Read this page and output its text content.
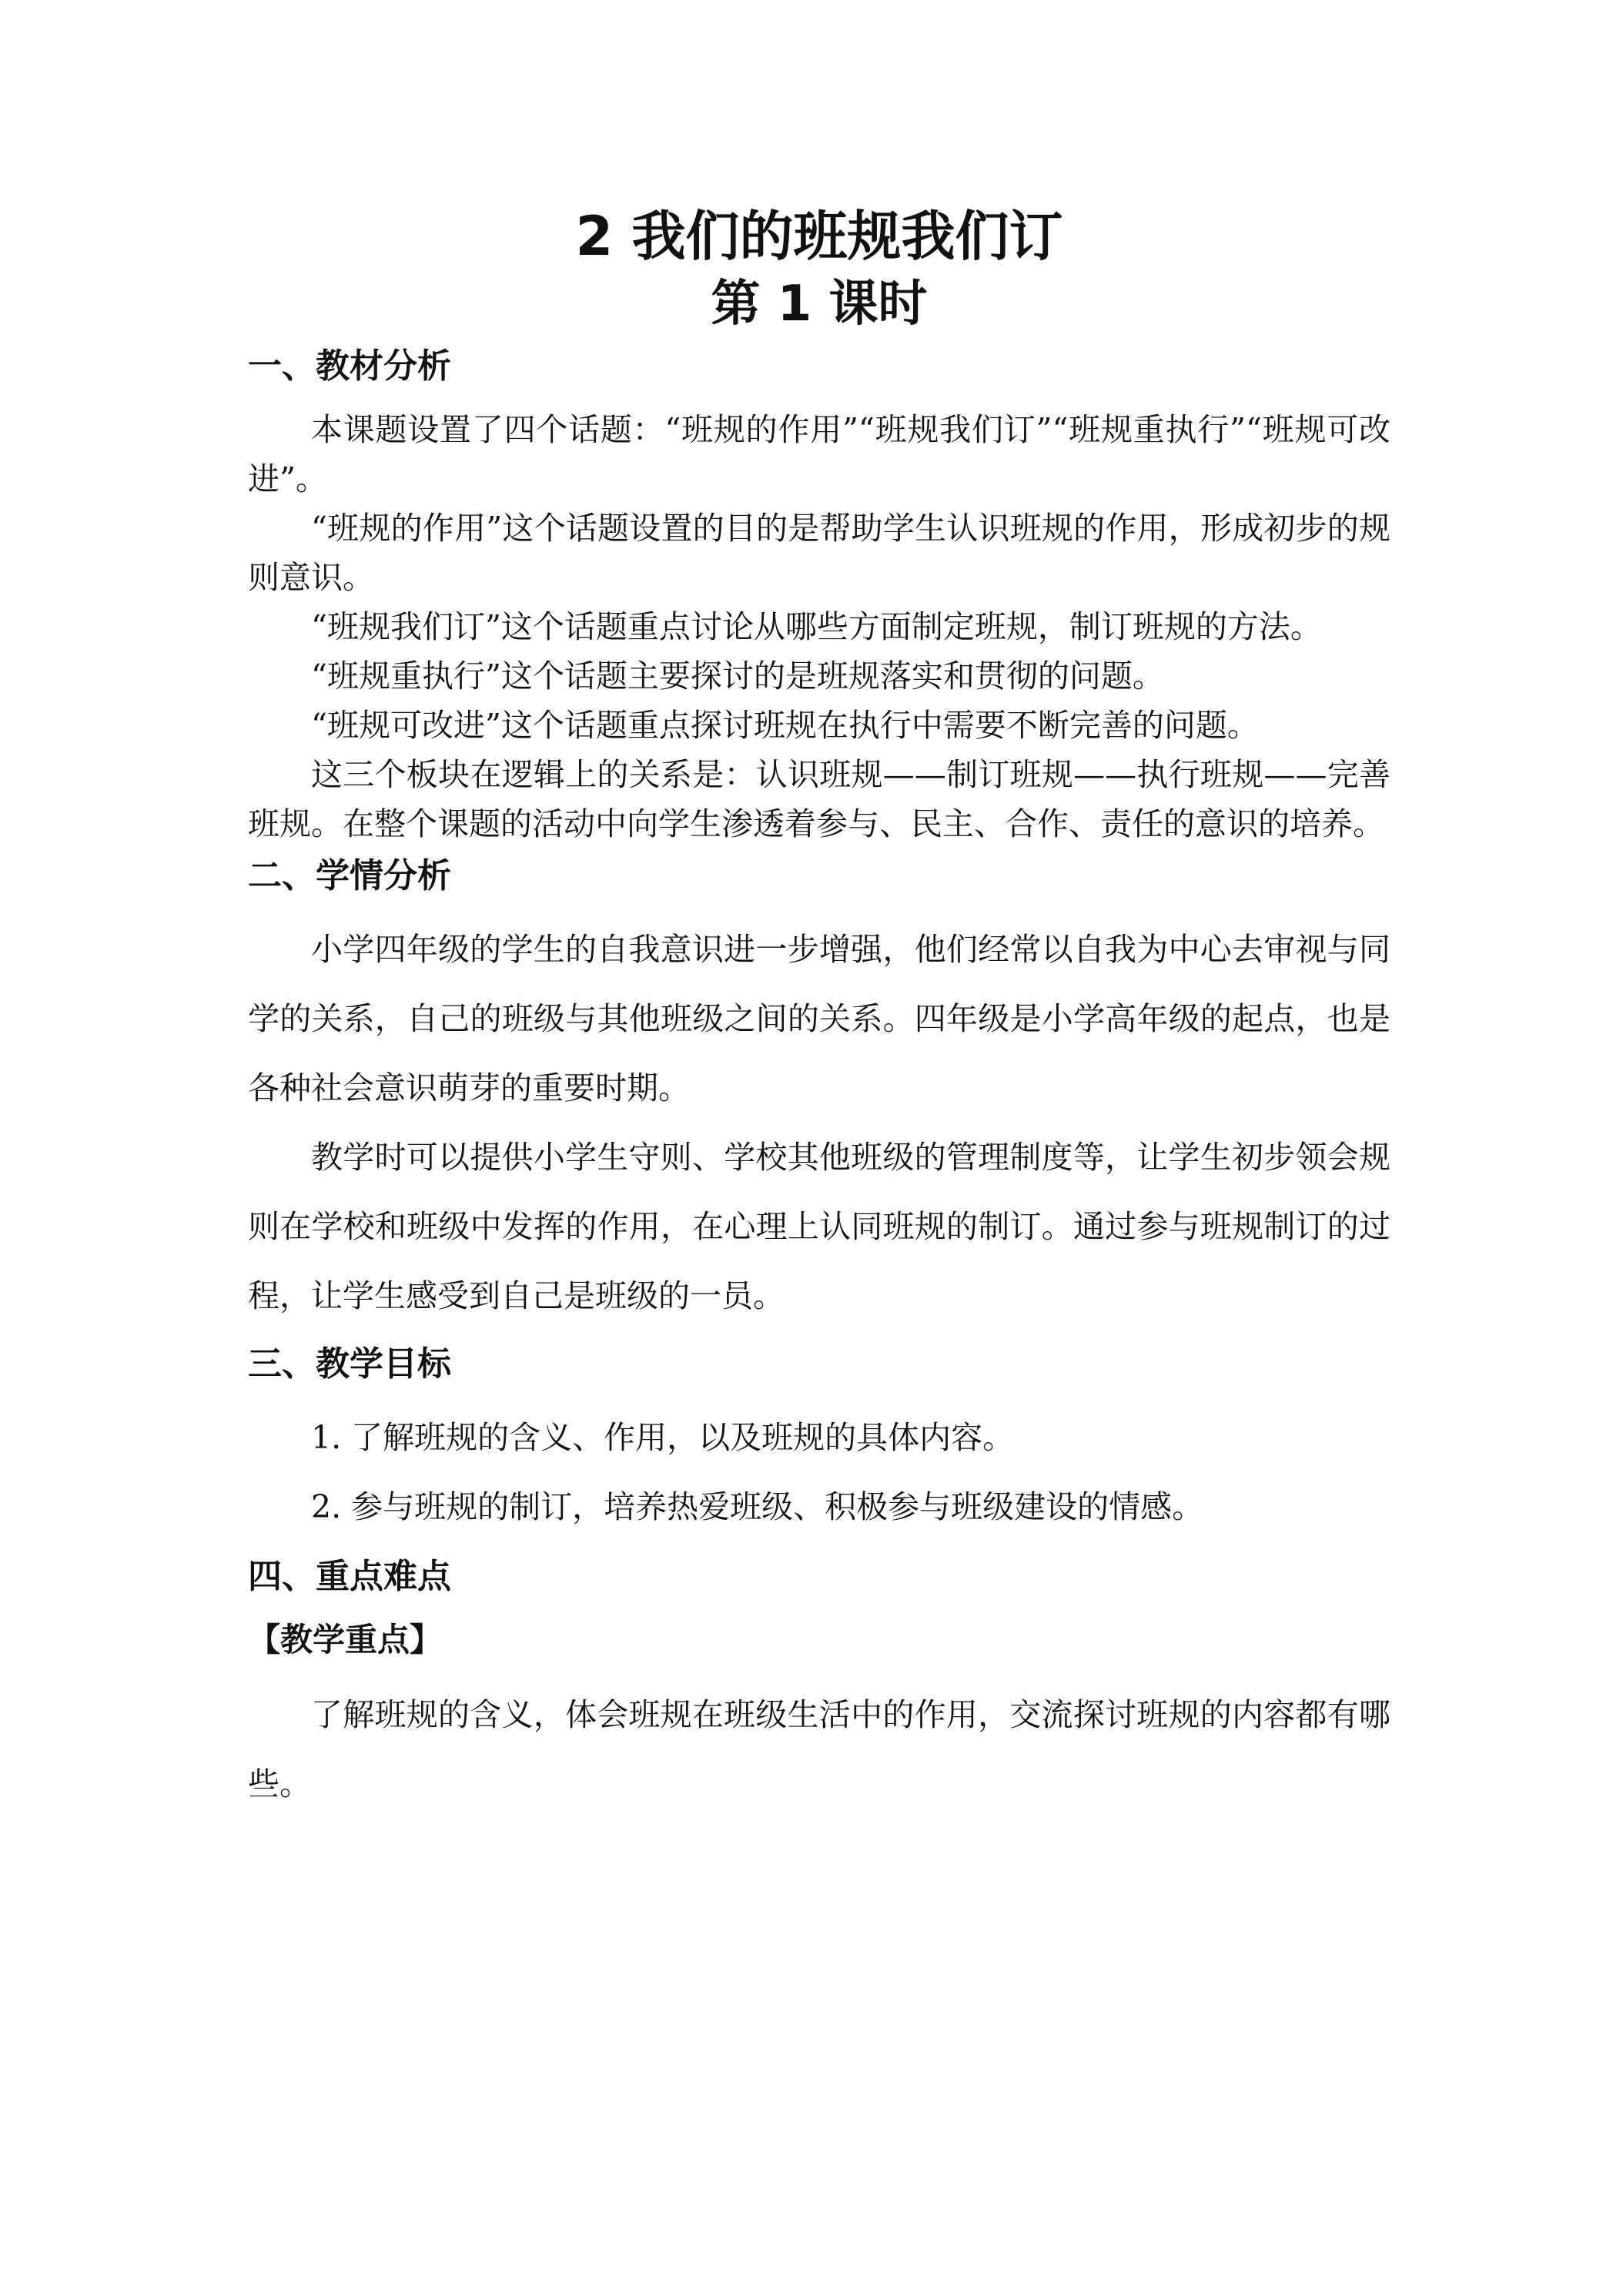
2 我们的班规我们订
第 1 课时
一、教材分析

本课题设置了四个话题：“班规的作用”“班规我们订”“班规重执行”“班规可改进”。

“班规的作用”这个话题设置的目的是帮助学生认识班规的作用，形成初步的规则意识。

“班规我们订”这个话题重点讨论从哪些方面制定班规，制订班规的方法。

“班规重执行”这个话题主要探讨的是班规落实和贯彻的问题。

“班规可改进”这个话题重点探讨班规在执行中需要不断完善的问题。

这三个板块在逻辑上的关系是：认识班规——制订班规——执行班规——完善班规。在整个课题的活动中向学生渗透着参与、民主、合作、责任的意识的培养。

二、学情分析

小学四年级的学生的自我意识进一步增强，他们经常以自我为中心去审视与同学的关系，自己的班级与其他班级之间的关系。四年级是小学高年级的起点，也是各种社会意识萌芽的重要时期。

教学时可以提供小学生守则、学校其他班级的管理制度等，让学生初步领会规则在学校和班级中发挥的作用，在心理上认同班规的制订。通过参与班规制订的过程，让学生感受到自己是班级的一员。

三、教学目标

1. 了解班规的含义、作用，以及班规的具体内容。

2. 参与班规的制订，培养热爱班级、积极参与班级建设的情感。

四、重点难点
【教学重点】

了解班规的含义，体会班规在班级生活中的作用，交流探讨班规的内容都有哪些。
